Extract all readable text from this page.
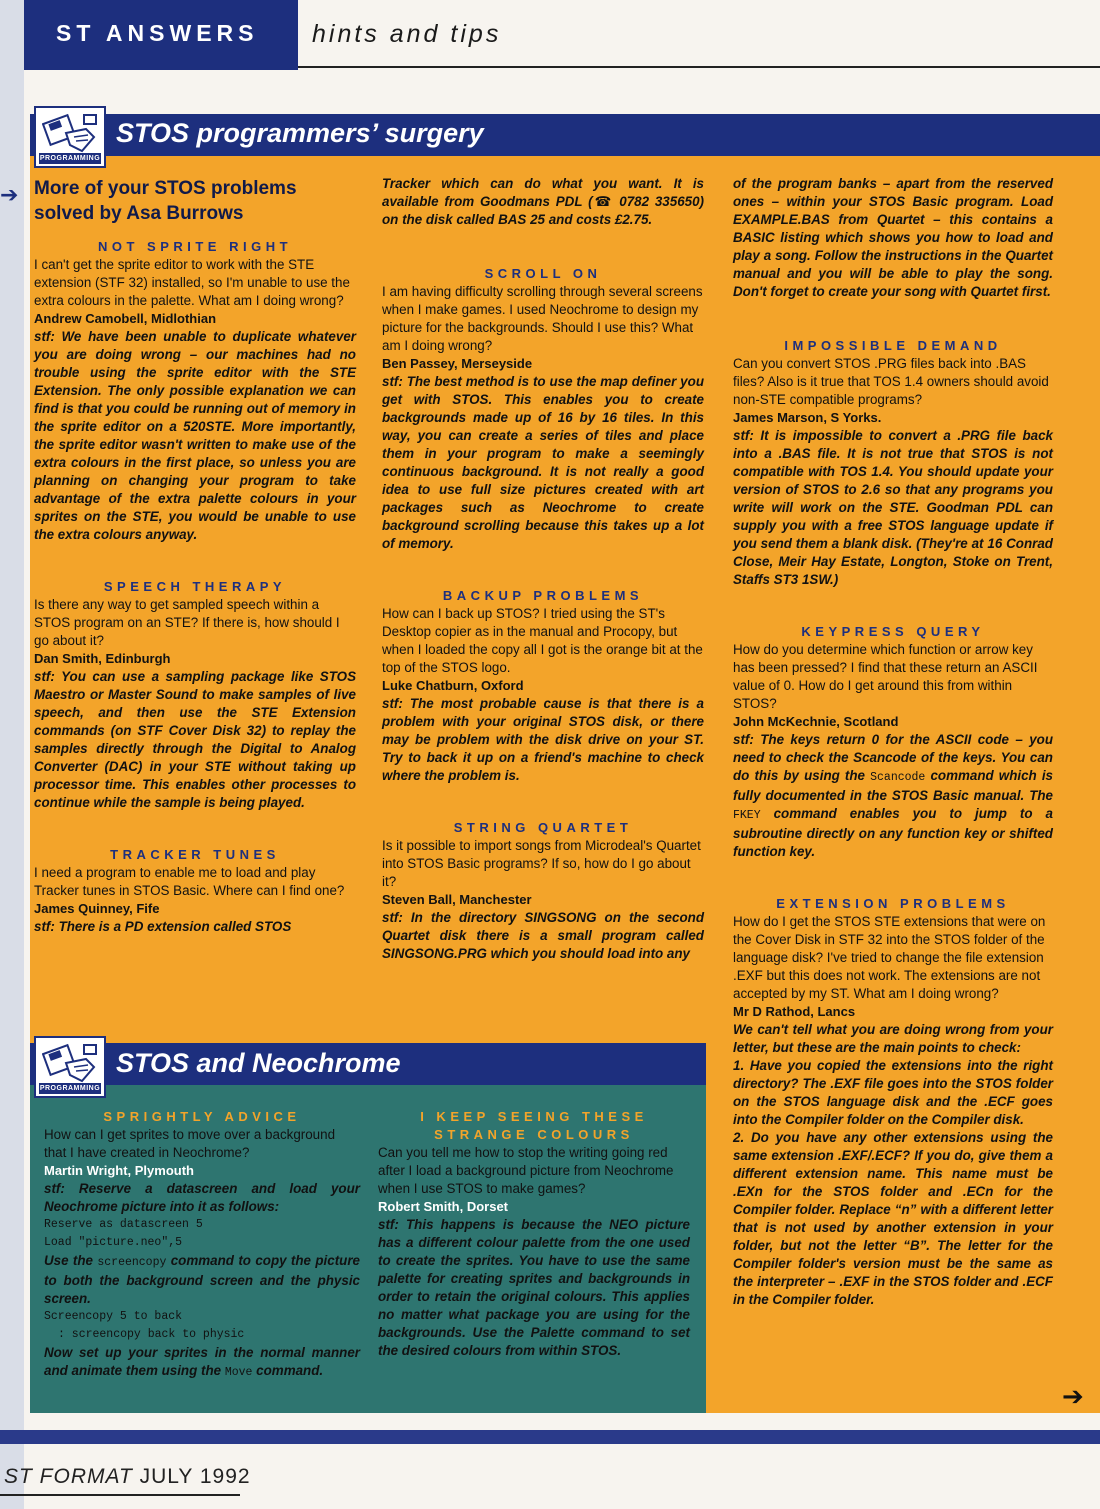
ST ANSWERS	hints and tips
STOS programmers’ surgery
PROGRAMMING
➔ More of your STOS problems solved by Asa Burrows

NOT SPRITE RIGHT

I can't get the sprite editor to work with the STE extension (STF 32) installed, so I'm unable to use the extra colours in the palette. What am I doing wrong?

Andrew Camobell, Midlothian

stf: We have been unable to duplicate whatever you are doing wrong – our machines had no trouble using the sprite editor with the STE Extension. The only possible explanation we can find is that you could be running out of memory in the sprite editor on a 520STE. More importantly, the sprite editor wasn't written to make use of the extra colours in the first place, so unless you are planning on changing your program to take advantage of the extra palette colours in your sprites on the STE, you would be unable to use the extra colours anyway.

SPEECH THERAPY

Is there any way to get sampled speech within a STOS program on an STE? If there is, how should I go about it?

Dan Smith, Edinburgh

stf: You can use a sampling package like STOS Maestro or Master Sound to make samples of live speech, and then use the STE Extension commands (on STF Cover Disk 32) to replay the samples directly through the Digital to Analog Converter (DAC) in your STE without taking up processor time. This enables other processes to continue while the sample is being played.

TRACKER TUNES

I need a program to enable me to load and play Tracker tunes in STOS Basic. Where can I find one?

James Quinney, Fife

stf: There is a PD extension called STOS

Tracker which can do what you want. It is available from Goodmans PDL (☎ 0782 335650) on the disk called BAS 25 and costs £2.75.

SCROLL ON

I am having difficulty scrolling through several screens when I make games. I used Neochrome to design my picture for the backgrounds. Should I use this? What am I doing wrong?

Ben Passey, Merseyside

stf: The best method is to use the map definer you get with STOS. This enables you to create backgrounds made up of 16 by 16 tiles. In this way, you can create a series of tiles and place them in your program to make a seemingly continuous background. It is not really a good idea to use full size pictures created with art packages such as Neochrome to create background scrolling because this takes up a lot of memory.

BACKUP PROBLEMS

How can I back up STOS? I tried using the ST's Desktop copier as in the manual and Procopy, but when I loaded the copy all I got is the orange bit at the top of the STOS logo.

Luke Chatburn, Oxford

stf: The most probable cause is that there is a problem with your original STOS disk, or there may be problem with the disk drive on your ST. Try to back it up on a friend's machine to check where the problem is.

STRING QUARTET

Is it possible to import songs from Microdeal's Quartet into STOS Basic programs? If so, how do I go about it?

Steven Ball, Manchester

stf: In the directory SINGSONG on the second Quartet disk there is a small program called SINGSONG.PRG which you should load into any

of the program banks – apart from the reserved ones – within your STOS Basic program. Load EXAMPLE.BAS from Quartet – this contains a BASIC listing which shows you how to load and play a song. Follow the instructions in the Quartet manual and you will be able to play the song. Don't forget to create your song with Quartet first.

IMPOSSIBLE DEMAND

Can you convert STOS .PRG files back into .BAS files? Also is it true that TOS 1.4 owners should avoid non-STE compatible programs?

James Marson, S Yorks.

stf: It is impossible to convert a .PRG file back into a .BAS file. It is not true that STOS is not compatible with TOS 1.4. You should update your version of STOS to 2.6 so that any programs you write will work on the STE. Goodman PDL can supply you with a free STOS language update if you send them a blank disk. (They're at 16 Conrad Close, Meir Hay Estate, Longton, Stoke on Trent, Staffs ST3 1SW.)

KEYPRESS QUERY

How do you determine which function or arrow key has been pressed? I find that these return an ASCII value of 0. How do I get around this from within STOS?

John McKechnie, Scotland

stf: The keys return 0 for the ASCII code – you need to check the Scancode of the keys. You can do this by using the Scancode command which is fully documented in the STOS Basic manual. The FKEY command enables you to jump to a subroutine directly on any function key or shifted function key.

EXTENSION PROBLEMS

How do I get the STOS STE extensions that were on the Cover Disk in STF 32 into the STOS folder of the language disk? I've tried to change the file extension .EXF but this does not work. The extensions are not accepted by my ST. What am I doing wrong?

Mr D Rathod, Lancs

We can't tell what you are doing wrong from your letter, but these are the main points to check:

1. Have you copied the extensions into the right directory? The .EXF file goes into the STOS folder on the STOS language disk and the .ECF goes into the Compiler folder on the Compiler disk.

2. Do you have any other extensions using the same extension .EXF/.ECF? If you do, give them a different extension name. This name must be .EXn for the STOS folder and .ECn for the Compiler folder. Replace “n” with a different letter that is not used by another extension in your folder, but not the letter “B”. The letter for the Compiler folder's version must be the same as the interpreter – .EXF in the STOS folder and .ECF in the Compiler folder.

➔
STOS and Neochrome
PROGRAMMING

SPRIGHTLY ADVICE

How can I get sprites to move over a background that I have created in Neochrome?

Martin Wright, Plymouth

stf: Reserve a datascreen and load your Neochrome picture into it as follows:

Reserve as datascreen 5

Load "picture.neo",5

Use the screencopy command to copy the picture to both the background screen and the physic screen.

Screencopy 5 to back

: screencopy back to physic

Now set up your sprites in the normal manner and animate them using the Move command.

I KEEP SEEING THESE STRANGE COLOURS

Can you tell me how to stop the writing going red after I load a background picture from Neochrome when I use STOS to make games?

Robert Smith, Dorset

stf: This happens is because the NEO picture has a different colour palette from the one used to create the sprites. You have to use the same palette for creating sprites and backgrounds in order to retain the original colours. This applies no matter what package you are using for the backgrounds. Use the Palette command to set the desired colours from within STOS.

ST FORMAT JULY 1992
